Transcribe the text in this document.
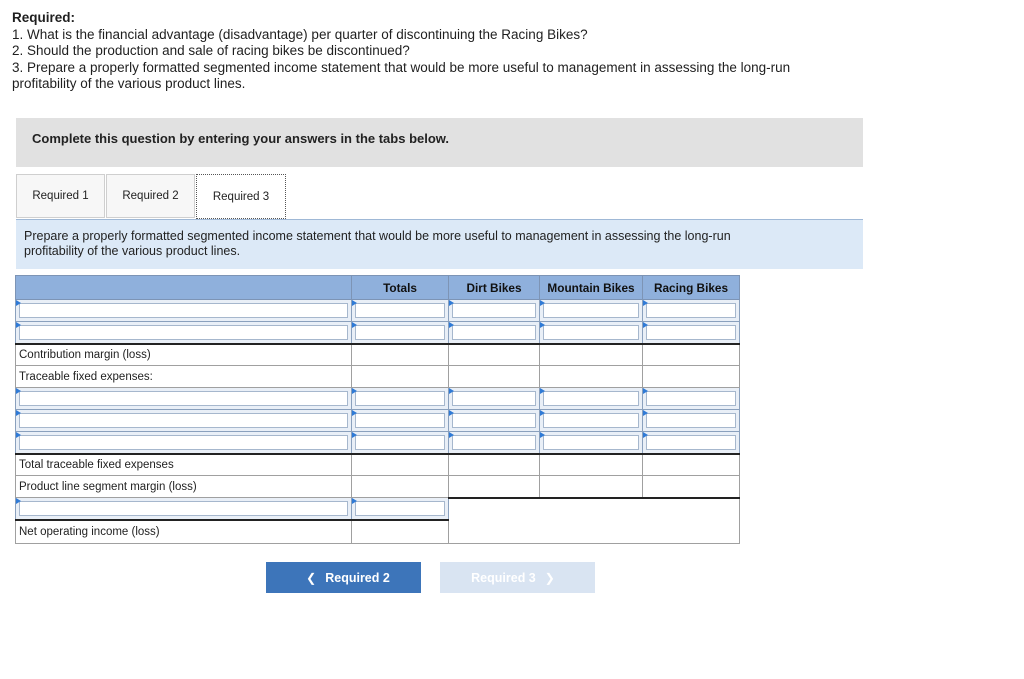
Required:
1. What is the financial advantage (disadvantage) per quarter of discontinuing the Racing Bikes?
2. Should the production and sale of racing bikes be discontinued?
3. Prepare a properly formatted segmented income statement that would be more useful to management in assessing the long-run
profitability of the various product lines.
Complete this question by entering your answers in the tabs below.
Required 1	Required 2	Required 3
Prepare a properly formatted segmented income statement that would be more useful to management in assessing the long-run
profitability of the various product lines.
	Totals	Dirt Bikes	Mountain Bikes	Racing Bikes

Contribution margin (loss)	

Traceable fixed expenses:				

Total traceable fixed expenses	

Product line segment margin (loss)	

Net operating income (loss)	
❮ Required 2	Required 3 ❯
